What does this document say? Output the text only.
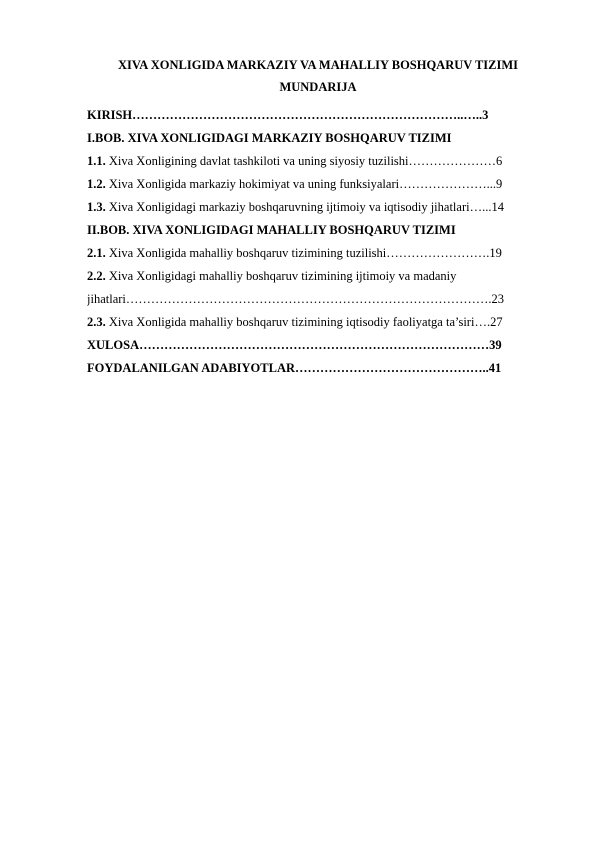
XIVA XONLIGIDA MARKAZIY VA MAHALLIY BOSHQARUV TIZIMI
MUNDARIJA
KIRISH……………………………………………………………………..…..3
I.BOB. XIVA XONLIGIDAGI MARKAZIY BOSHQARUV TIZIMI
1.1. Xiva Xonligining davlat tashkiloti va uning siyosiy tuzilishi…………………6
1.2. Xiva Xonligida markaziy hokimiyat va uning funksiyalari…………………...9
1.3. Xiva Xonligidagi markaziy boshqaruvning ijtimoiy va iqtisodiy jihatlari…...14
II.BOB. XIVA XONLIGIDAGI MAHALLIY BOSHQARUV TIZIMI
2.1. Xiva Xonligida mahalliy boshqaruv tizimining tuzilishi…………………….19
2.2. Xiva Xonligidagi mahalliy boshqaruv tizimining ijtimoiy va madaniy
jihatlari…………………………………………………………………………….23
2.3. Xiva Xonligida mahalliy boshqaruv tizimining iqtisodiy faoliyatga ta’siri….27
XULOSA…………………………………………………………………………39
FOYDALANILGAN ADABIYOTLAR………………………………………..41
